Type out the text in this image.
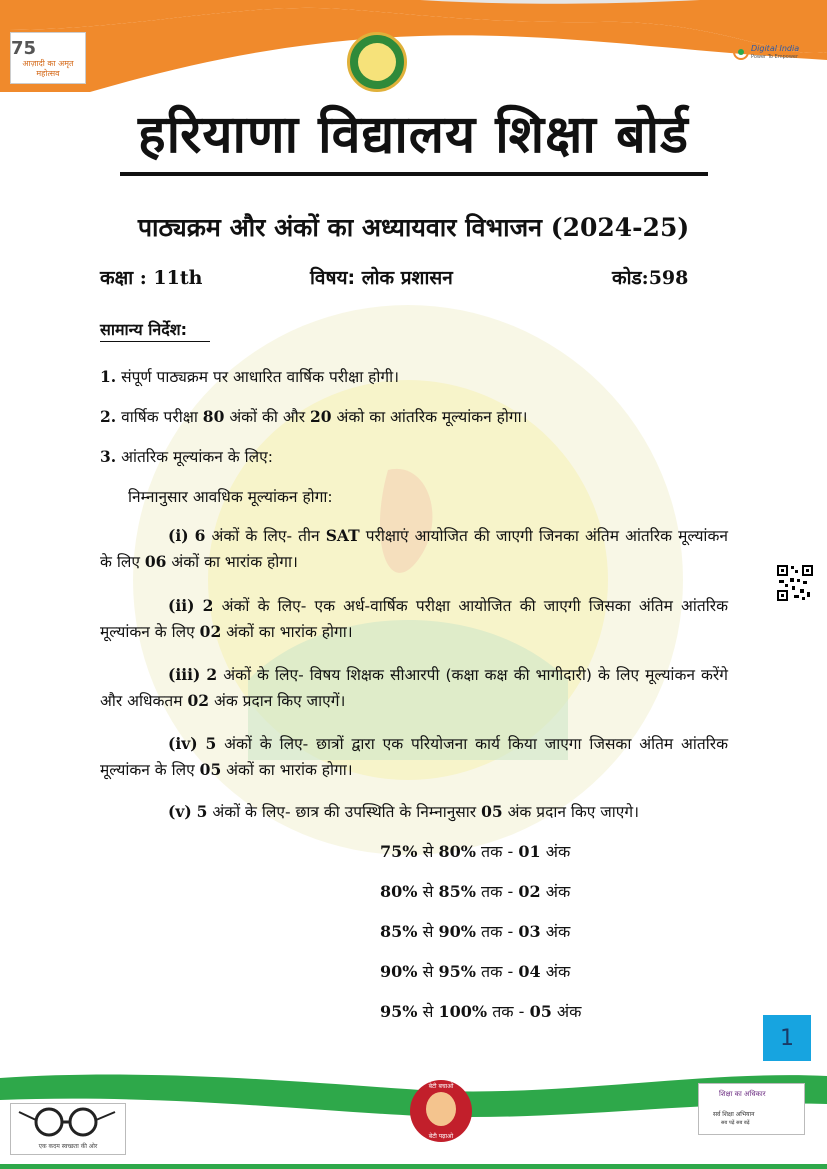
75
आज़ादी का अमृत महोत्सव
Digital India
Power To Empower
हरियाणा विद्यालय शिक्षा बोर्ड
पाठ्यक्रम और अंकों का अध्यायवार विभाजन (2024-25)
कक्षा : 11th	विषय: लोक प्रशासन	कोड:598
सामान्य निर्देश:
1. संपूर्ण पाठ्यक्रम पर आधारित वार्षिक परीक्षा होगी।
2. वार्षिक परीक्षा 80 अंकों की और 20 अंको का आंतरिक मूल्यांकन होगा।
3. आंतरिक मूल्यांकन के लिए:
निम्नानुसार आवधिक मूल्यांकन होगा:
(i) 6 अंकों के लिए- तीन SAT परीक्षाएं आयोजित की जाएगी जिनका अंतिम आंतरिक मूल्यांकन के लिए 06 अंकों का भारांक होगा।
(ii) 2 अंकों के लिए- एक अर्ध-वार्षिक परीक्षा आयोजित की जाएगी जिसका अंतिम आंतरिक मूल्यांकन के लिए 02 अंकों का भारांक होगा।
(iii) 2 अंकों के लिए- विषय शिक्षक सीआरपी (कक्षा कक्ष की भागीदारी) के लिए मूल्यांकन करेंगे और अधिकतम 02 अंक प्रदान किए जाएगें।
(iv) 5 अंकों के लिए- छात्रों द्वारा एक परियोजना कार्य किया जाएगा जिसका अंतिम आंतरिक मूल्यांकन के लिए 05 अंकों का भारांक होगा।
(v) 5 अंकों के लिए- छात्र की उपस्थिति के निम्नानुसार 05 अंक प्रदान किए जाएगे।
75% से 80% तक - 01 अंक
80% से 85% तक - 02 अंक
85% से 90% तक - 03 अंक
90% से 95% तक - 04 अंक
95% से 100% तक - 05 अंक
1
एक कदम स्वच्छता की ओर
बेटी बचाओ
बेटी पढ़ाओ
शिक्षा का अधिकार
सर्व शिक्षा अभियान
सब पढ़ें सब बढ़ें
